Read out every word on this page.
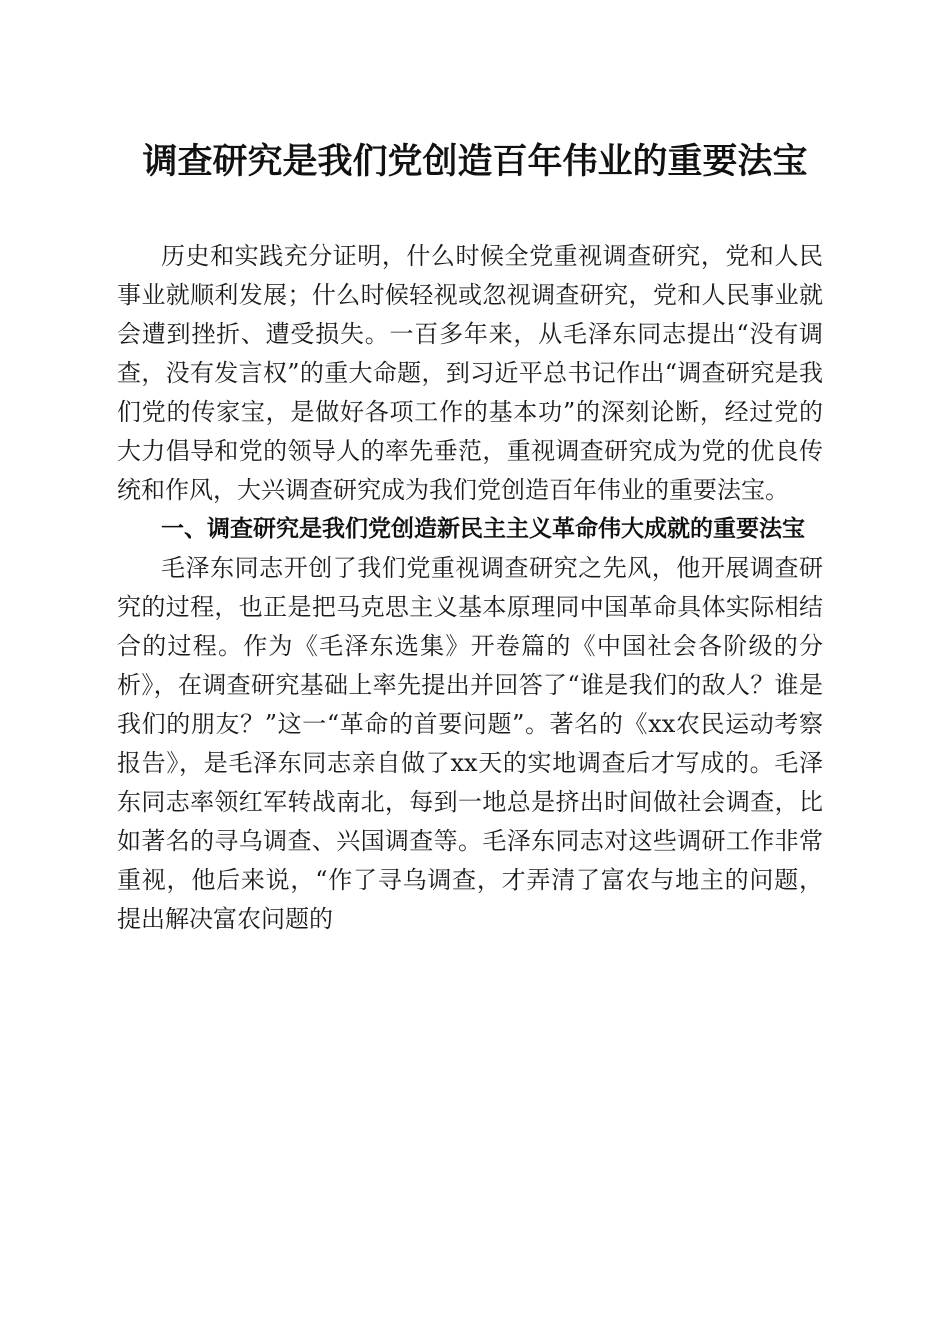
调查研究是我们党创造百年伟业的重要法宝

历史和实践充分证明，什么时候全党重视调查研究，党和人民事业就顺利发展；什么时候轻视或忽视调查研究，党和人民事业就会遭到挫折、遭受损失。一百多年来，从毛泽东同志提出“没有调查，没有发言权”的重大命题，到习近平总书记作出“调查研究是我们党的传家宝，是做好各项工作的基本功”的深刻论断，经过党的大力倡导和党的领导人的率先垂范，重视调查研究成为党的优良传统和作风，大兴调查研究成为我们党创造百年伟业的重要法宝。

一、调查研究是我们党创造新民主主义革命伟大成就的重要法宝

毛泽东同志开创了我们党重视调查研究之先风，他开展调查研究的过程，也正是把马克思主义基本原理同中国革命具体实际相结合的过程。作为《毛泽东选集》开卷篇的《中国社会各阶级的分析》，在调查研究基础上率先提出并回答了“谁是我们的敌人？谁是我们的朋友？”这一“革命的首要问题”。著名的《xx农民运动考察报告》，是毛泽东同志亲自做了xx天的实地调查后才写成的。毛泽东同志率领红军转战南北，每到一地总是挤出时间做社会调查，比如著名的寻乌调查、兴国调查等。毛泽东同志对这些调研工作非常重视，他后来说，“作了寻乌调查，才弄清了富农与地主的问题，提出解决富农问题的
